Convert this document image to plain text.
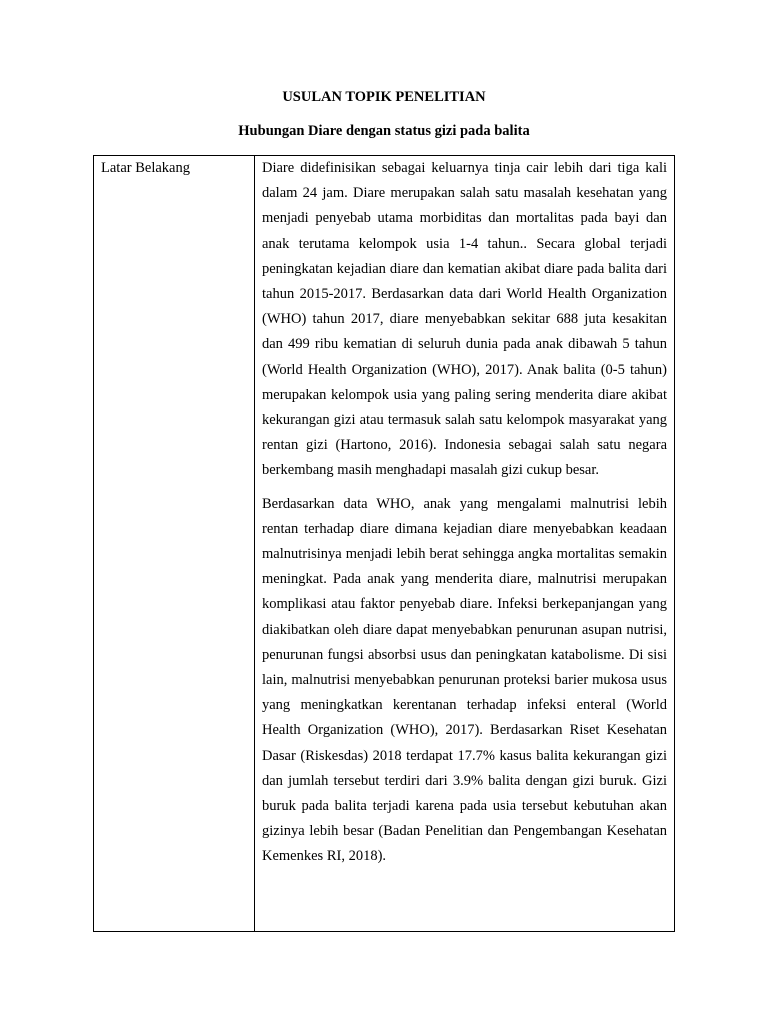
USULAN TOPIK PENELITIAN
Hubungan Diare dengan status gizi pada balita
Latar Belakang	Diare didefinisikan sebagai keluarnya tinja cair lebih dari tiga kali dalam 24 jam. Diare merupakan salah satu masalah kesehatan yang menjadi penyebab utama morbiditas dan mortalitas pada bayi dan anak terutama kelompok usia 1-4 tahun.. Secara global terjadi peningkatan kejadian diare dan kematian akibat diare pada balita dari tahun 2015-2017. Berdasarkan data dari World Health Organization (WHO) tahun 2017, diare menyebabkan sekitar 688 juta kesakitan dan 499 ribu kematian di seluruh dunia pada anak dibawah 5 tahun (World Health Organization (WHO), 2017). Anak balita (0-5 tahun) merupakan kelompok usia yang paling sering menderita diare akibat kekurangan gizi atau termasuk salah satu kelompok masyarakat yang rentan gizi (Hartono, 2016). Indonesia sebagai salah satu negara berkembang masih menghadapi masalah gizi cukup besar.

Berdasarkan data WHO, anak yang mengalami malnutrisi lebih rentan terhadap diare dimana kejadian diare menyebabkan keadaan malnutrisinya menjadi lebih berat sehingga angka mortalitas semakin meningkat. Pada anak yang menderita diare, malnutrisi merupakan komplikasi atau faktor penyebab diare. Infeksi berkepanjangan yang diakibatkan oleh diare dapat menyebabkan penurunan asupan nutrisi, penurunan fungsi absorbsi usus dan peningkatan katabolisme. Di sisi lain, malnutrisi menyebabkan penurunan proteksi barier mukosa usus yang meningkatkan kerentanan terhadap infeksi enteral (World Health Organization (WHO), 2017). Berdasarkan Riset Kesehatan Dasar (Riskesdas) 2018 terdapat 17.7% kasus balita kekurangan gizi dan jumlah tersebut terdiri dari 3.9% balita dengan gizi buruk. Gizi buruk pada balita terjadi karena pada usia tersebut kebutuhan akan gizinya lebih besar (Badan Penelitian dan Pengembangan Kesehatan Kemenkes RI, 2018).
